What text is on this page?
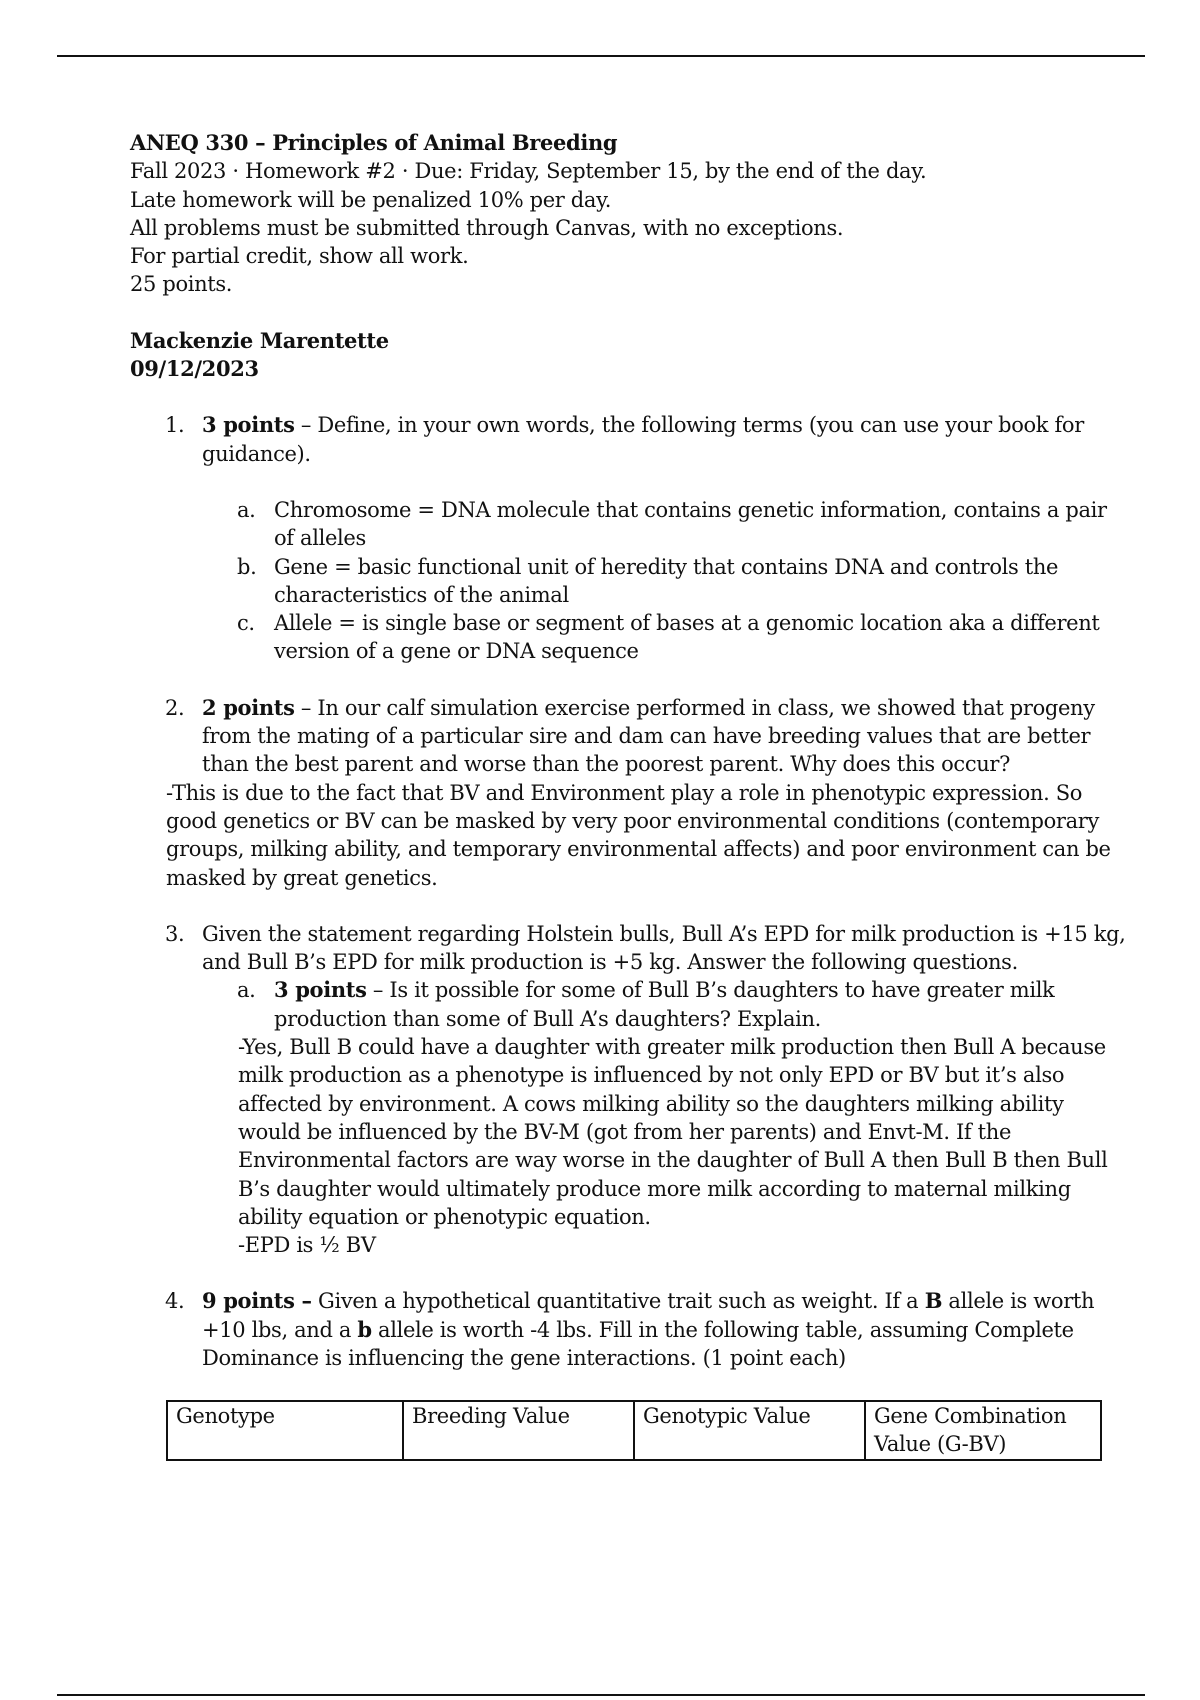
ANEQ 330 – Principles of Animal Breeding

Fall 2023 · Homework #2 · Due: Friday, September 15, by the end of the day.

Late homework will be penalized 10% per day.

All problems must be submitted through Canvas, with no exceptions.

For partial credit, show all work.

25 points.

Mackenzie Marentette

09/12/2023

1. 3 points – Define, in your own words, the following terms (you can use your book for guidance).

a. Chromosome = DNA molecule that contains genetic information, contains a pair of alleles
b. Gene = basic functional unit of heredity that contains DNA and controls the characteristics of the animal
c. Allele = is single base or segment of bases at a genomic location aka a different version of a gene or DNA sequence
2. 2 points – In our calf simulation exercise performed in class, we showed that progeny from the mating of a particular sire and dam can have breeding values that are better than the best parent and worse than the poorest parent. Why does this occur?

-This is due to the fact that BV and Environment play a role in phenotypic expression. So good genetics or BV can be masked by very poor environmental conditions (contemporary groups, milking ability, and temporary environmental affects) and poor environment can be masked by great genetics.

3. Given the statement regarding Holstein bulls, Bull A’s EPD for milk production is +15 kg, and Bull B’s EPD for milk production is +5 kg. Answer the following questions.

a. 3 points – Is it possible for some of Bull B’s daughters to have greater milk production than some of Bull A’s daughters? Explain.

-Yes, Bull B could have a daughter with greater milk production then Bull A because milk production as a phenotype is influenced by not only EPD or BV but it’s also affected by environment. A cows milking ability so the daughters milking ability would be influenced by the BV-M (got from her parents) and Envt-M. If the Environmental factors are way worse in the daughter of Bull A then Bull B then Bull B’s daughter would ultimately produce more milk according to maternal milking ability equation or phenotypic equation.

-EPD is ½ BV

4. 9 points – Given a hypothetical quantitative trait such as weight. If a B allele is worth +10 lbs, and a b allele is worth -4 lbs. Fill in the following table, assuming Complete Dominance is influencing the gene interactions. (1 point each)

Genotype	Breeding Value	Genotypic Value	Gene Combination Value (G-BV)
